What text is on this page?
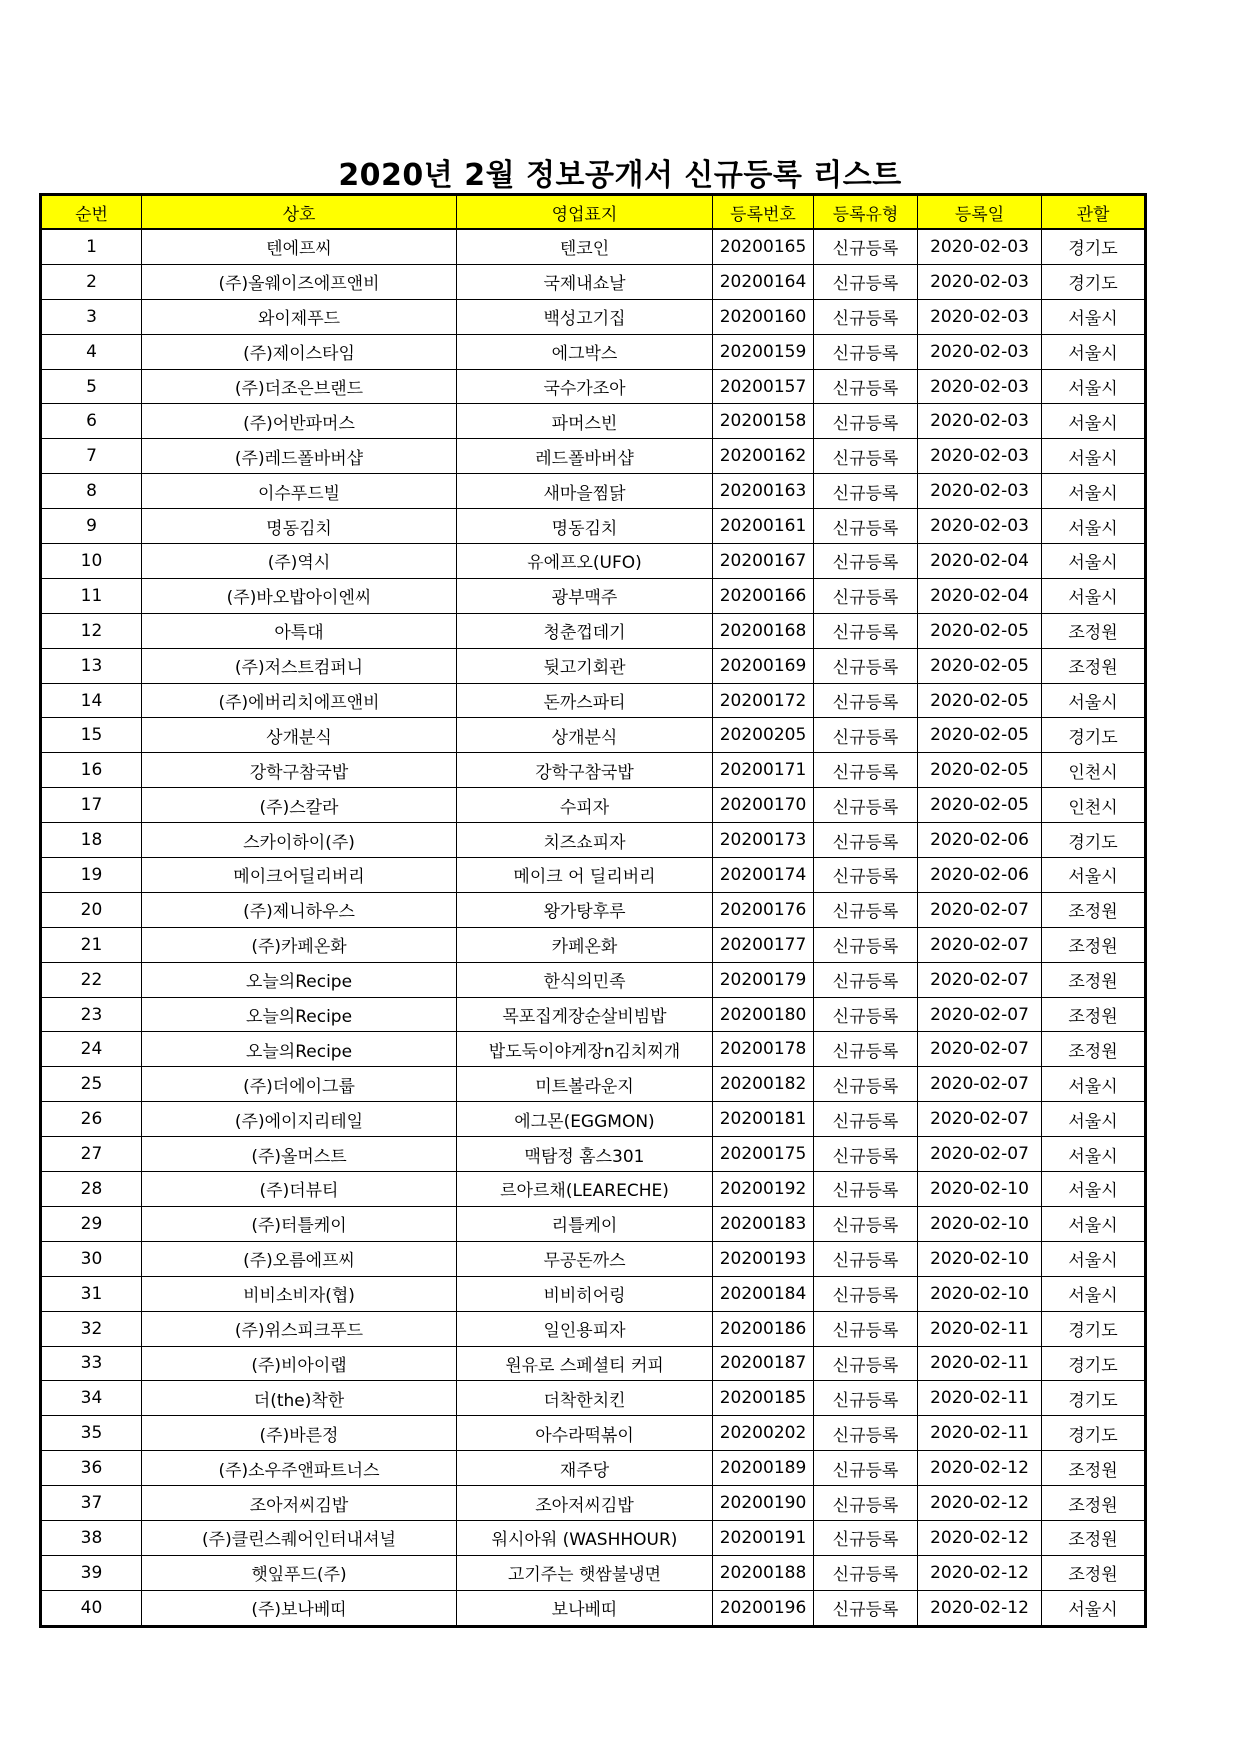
2020년 2월 정보공개서 신규등록 리스트
순번	상호	영업표지	등록번호	등록유형	등록일	관할
1	텐에프씨	텐코인	20200165	신규등록	2020-02-03	경기도
2	(주)올웨이즈에프앤비	국제내쇼날	20200164	신규등록	2020-02-03	경기도
3	와이제푸드	백성고기집	20200160	신규등록	2020-02-03	서울시
4	(주)제이스타임	에그박스	20200159	신규등록	2020-02-03	서울시
5	(주)더조은브랜드	국수가조아	20200157	신규등록	2020-02-03	서울시
6	(주)어반파머스	파머스빈	20200158	신규등록	2020-02-03	서울시
7	(주)레드폴바버샵	레드폴바버샵	20200162	신규등록	2020-02-03	서울시
8	이수푸드빌	새마을찜닭	20200163	신규등록	2020-02-03	서울시
9	명동김치	명동김치	20200161	신규등록	2020-02-03	서울시
10	(주)역시	유에프오(UFO)	20200167	신규등록	2020-02-04	서울시
11	(주)바오밥아이엔씨	광부맥주	20200166	신규등록	2020-02-04	서울시
12	아특대	청춘껍데기	20200168	신규등록	2020-02-05	조정원
13	(주)저스트컴퍼니	뒷고기회관	20200169	신규등록	2020-02-05	조정원
14	(주)에버리치에프앤비	돈까스파티	20200172	신규등록	2020-02-05	서울시
15	상개분식	상개분식	20200205	신규등록	2020-02-05	경기도
16	강학구참국밥	강학구참국밥	20200171	신규등록	2020-02-05	인천시
17	(주)스칼라	수피자	20200170	신규등록	2020-02-05	인천시
18	스카이하이(주)	치즈쇼피자	20200173	신규등록	2020-02-06	경기도
19	메이크어딜리버리	메이크 어 딜리버리	20200174	신규등록	2020-02-06	서울시
20	(주)제니하우스	왕가탕후루	20200176	신규등록	2020-02-07	조정원
21	(주)카페온화	카페온화	20200177	신규등록	2020-02-07	조정원
22	오늘의Recipe	한식의민족	20200179	신규등록	2020-02-07	조정원
23	오늘의Recipe	목포집게장순살비빔밥	20200180	신규등록	2020-02-07	조정원
24	오늘의Recipe	밥도둑이야게장n김치찌개	20200178	신규등록	2020-02-07	조정원
25	(주)더에이그룹	미트볼라운지	20200182	신규등록	2020-02-07	서울시
26	(주)에이지리테일	에그몬(EGGMON)	20200181	신규등록	2020-02-07	서울시
27	(주)올머스트	맥탐정 홈스301	20200175	신규등록	2020-02-07	서울시
28	(주)더뷰티	르아르채(LEARECHE)	20200192	신규등록	2020-02-10	서울시
29	(주)터틀케이	리틀케이	20200183	신규등록	2020-02-10	서울시
30	(주)오름에프씨	무공돈까스	20200193	신규등록	2020-02-10	서울시
31	비비소비자(협)	비비히어링	20200184	신규등록	2020-02-10	서울시
32	(주)위스피크푸드	일인용피자	20200186	신규등록	2020-02-11	경기도
33	(주)비아이랩	원유로 스페셜티 커피	20200187	신규등록	2020-02-11	경기도
34	더(the)착한	더착한치킨	20200185	신규등록	2020-02-11	경기도
35	(주)바른정	아수라떡볶이	20200202	신규등록	2020-02-11	경기도
36	(주)소우주앤파트너스	재주당	20200189	신규등록	2020-02-12	조정원
37	조아저씨김밥	조아저씨김밥	20200190	신규등록	2020-02-12	조정원
38	(주)클린스퀘어인터내셔널	워시아워 (WASHHOUR)	20200191	신규등록	2020-02-12	조정원
39	햇잎푸드(주)	고기주는 햇쌈불냉면	20200188	신규등록	2020-02-12	조정원
40	(주)보나베띠	보나베띠	20200196	신규등록	2020-02-12	서울시
